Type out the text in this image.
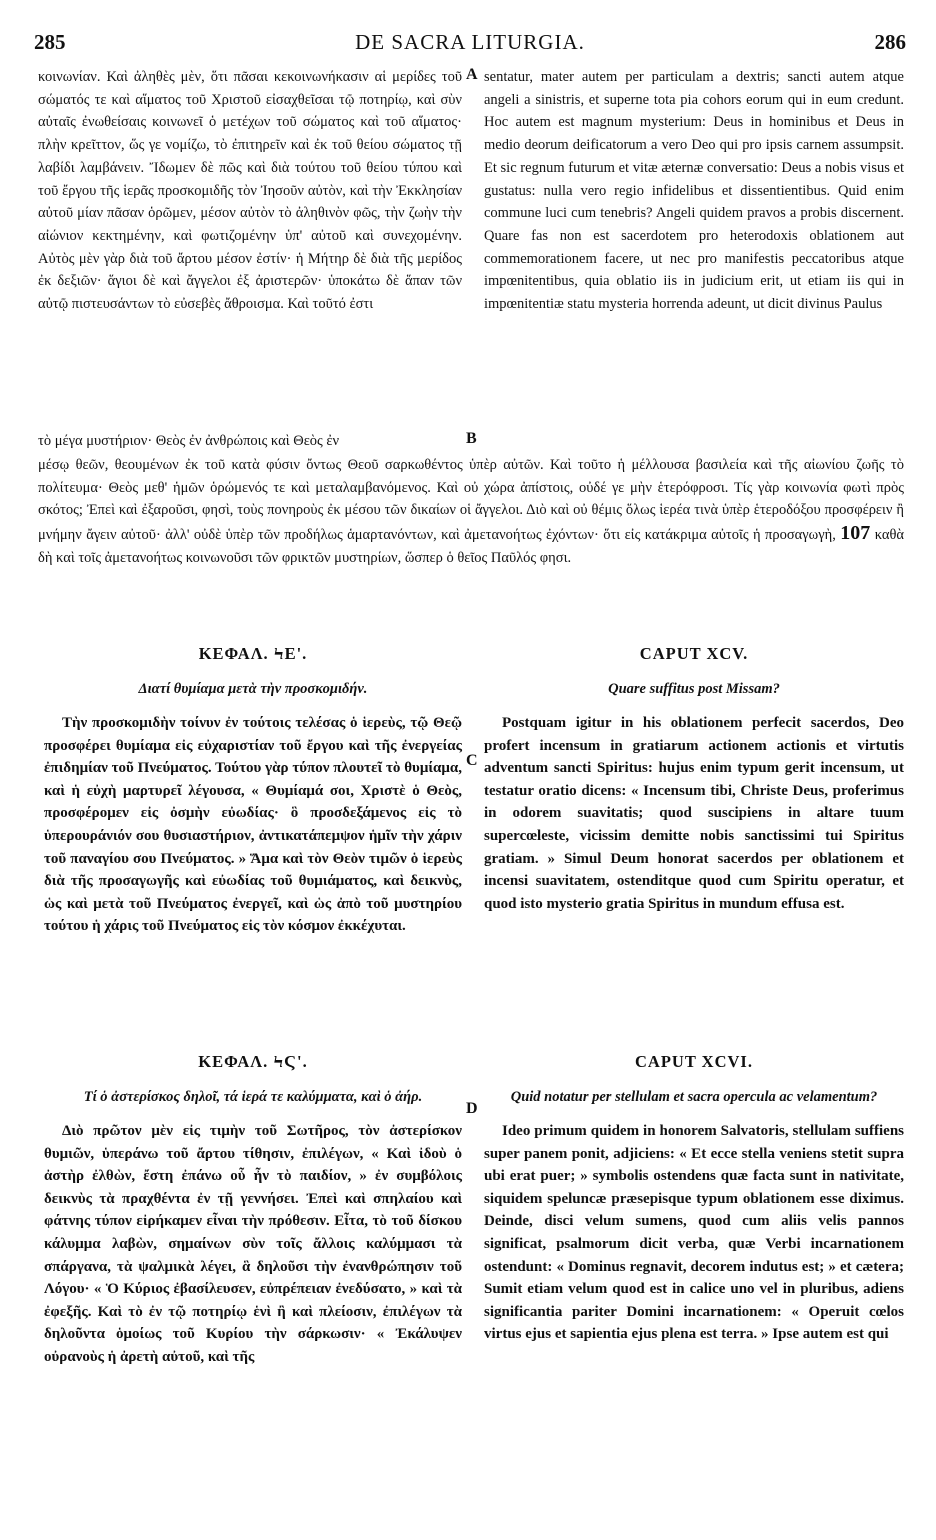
285	DE SACRA LITURGIA.	286

κοινωνίαν. Καὶ ἀληθὲς μὲν, ὅτι πᾶσαι κεκοινωνήκασιν αἱ μερίδες τοῦ σώματός τε καὶ αἵματος τοῦ Χριστοῦ εἰσαχθεῖσαι τῷ ποτηρίῳ, καὶ σὺν αὐταῖς ἐνωθείσαις κοινωνεῖ ὁ μετέχων τοῦ σώματος καὶ τοῦ αἵματος· πλὴν κρεῖττον, ὥς γε νομίζω, τὸ ἐπιτηρεῖν καὶ ἐκ τοῦ θείου σώματος τῇ λαβίδι λαμβάνειν. Ἴδωμεν δὲ πῶς καὶ διὰ τούτου τοῦ θείου τύπου καὶ τοῦ ἔργου τῆς ἱερᾶς προσκομιδῆς τὸν Ἰησοῦν αὐτὸν, καὶ τὴν Ἐκκλησίαν αὐτοῦ μίαν πᾶσαν ὁρῶμεν, μέσον αὐτὸν τὸ ἀληθινὸν φῶς, τὴν ζωὴν τὴν αἰώνιον κεκτημένην, καὶ φωτιζομένην ὑπ' αὐτοῦ καὶ συνεχομένην. Αὐτὸς μὲν γὰρ διὰ τοῦ ἄρτου μέσον ἐστίν· ἡ Μήτηρ δὲ διὰ τῆς μερίδος ἐκ δεξιῶν· ἅγιοι δὲ καὶ ἄγγελοι ἐξ ἀριστερῶν· ὑποκάτω δὲ ἅπαν τῶν αὐτῷ πιστευσάντων τὸ εὐσεβὲς ἄθροισμα. Καὶ τοῦτό ἐστι

A sentatur, mater autem per particulam a dextris; sancti autem atque angeli a sinistris, et superne tota pia cohors eorum qui in eum credunt. Hoc autem est magnum mysterium: Deus in hominibus et Deus in medio deorum deificatorum a vero Deo qui pro ipsis carnem assumpsit. Et sic regnum futurum et vitæ æternæ conversatio: Deus a nobis visus et gustatus: nulla vero regio infidelibus et dissentientibus. Quid enim commune luci cum tenebris? Angeli quidem pravos a probis discernent. Quare fas non est sacerdotem pro heterodoxis oblationem aut commemorationem facere, ut nec pro manifestis peccatoribus atque impœnitentibus, quia oblatio iis in judicium erit, ut etiam iis qui in impœnitentiæ statu mysteria horrenda adeunt, ut dicit divinus Paulus

B
τὸ μέγα μυστήριον· Θεὸς ἐν ἀνθρώποις καὶ Θεὸς ἐν

μέσῳ θεῶν, θεουμένων ἐκ τοῦ κατὰ φύσιν ὄντως Θεοῦ σαρκωθέντος ὑπὲρ αὐτῶν. Καὶ τοῦτο ἡ μέλλουσα βασιλεία καὶ τῆς αἰωνίου ζωῆς τὸ πολίτευμα· Θεὸς μεθ' ἡμῶν ὁρώμενός τε καὶ μεταλαμβανόμενος. Καὶ οὐ χώρα ἀπίστοις, οὐδέ γε μὴν ἑτερόφροσι. Τίς γὰρ κοινωνία φωτὶ πρὸς σκότος; Ἐπεὶ καὶ ἐξαροῦσι, φησὶ, τοὺς πονηροὺς ἐκ μέσου τῶν δικαίων οἱ ἄγγελοι. Διὸ καὶ οὐ θέμις ὅλως ἱερέα τινὰ ὑπὲρ ἑτεροδόξου προσφέρειν ἢ μνήμην ἄγειν αὐτοῦ· ἀλλ' οὐδὲ ὑπὲρ τῶν προδήλως ἁμαρτανόντων, καὶ ἀμετανοήτως ἐχόντων· ὅτι εἰς κατάκριμα αὐτοῖς ἡ προσαγωγὴ, 107 καθὰ δὴ καὶ τοῖς ἀμετανοήτως κοινωνοῦσι τῶν φρικτῶν μυστηρίων, ὥσπερ ὁ θεῖος Παῦλός φησι.

ΚΕΦΑΛ. ϞΕ'.
Διατί θυμίαμα μετὰ τὴν προσκομιδήν.

Τὴν προσκομιδὴν τοίνυν ἐν τούτοις τελέσας ὁ ἱερεὺς, τῷ Θεῷ προσφέρει θυμίαμα εἰς εὐχαριστίαν τοῦ ἔργου καὶ τῆς ἐνεργείας ἐπιδημίαν τοῦ Πνεύματος. Τούτου γὰρ τύπον πλουτεῖ τὸ θυμίαμα, καὶ ἡ εὐχὴ μαρτυρεῖ λέγουσα, « Θυμίαμά σοι, Χριστὲ ὁ Θεὸς, προσφέρομεν εἰς ὀσμὴν εὐωδίας· ὃ προσδεξάμενος εἰς τὸ ὑπερουράνιόν σου θυσιαστήριον, ἀντικατάπεμψον ἡμῖν τὴν χάριν τοῦ παναγίου σου Πνεύματος. » Ἅμα καὶ τὸν Θεὸν τιμῶν ὁ ἱερεὺς διὰ τῆς προσαγωγῆς καὶ εὐωδίας τοῦ θυμιάματος, καὶ δεικνὺς, ὡς καὶ μετὰ τοῦ Πνεύματος ἐνεργεῖ, καὶ ὡς ἀπὸ τοῦ μυστηρίου τούτου ἡ χάρις τοῦ Πνεύματος εἰς τὸν κόσμον ἐκκέχυται.

C
CAPUT XCV.
Quare suffitus post Missam?

Postquam igitur in his oblationem perfecit sacerdos, Deo profert incensum in gratiarum actionem actionis et virtutis adventum sancti Spiritus: hujus enim typum gerit incensum, ut testatur oratio dicens: « Incensum tibi, Christe Deus, proferimus in odorem suavitatis; quod suscipiens in altare tuum supercœleste, vicissim demitte nobis sanctissimi tui Spiritus gratiam. » Simul Deum honorat sacerdos per oblationem et incensi suavitatem, ostenditque quod cum Spiritu operatur, et quod isto mysterio gratia Spiritus in mundum effusa est.

ΚΕΦΑΛ. ϞϚ'.
Τί ὁ ἀστερίσκος δηλοῖ, τά ἱερά τε καλύμματα, καὶ ὁ ἀήρ.

Διὸ πρῶτον μὲν εἰς τιμὴν τοῦ Σωτῆρος, τὸν ἀστερίσκον θυμιῶν, ὑπεράνω τοῦ ἄρτου τίθησιν, ἐπιλέγων, « Καὶ ἰδοὺ ὁ ἀστὴρ ἐλθὼν, ἔστη ἐπάνω οὗ ἦν τὸ παιδίον, » ἐν συμβόλοις δεικνὺς τὰ πραχθέντα ἐν τῇ γεννήσει. Ἐπεὶ καὶ σπηλαίου καὶ φάτνης τύπον εἰρήκαμεν εἶναι τὴν πρόθεσιν. Εἶτα, τὸ τοῦ δίσκου κάλυμμα λαβὼν, σημαίνων σὺν τοῖς ἄλλοις καλύμμασι τὰ σπάργανα, τὰ ψαλμικὰ λέγει, ἃ δηλοῦσι τὴν ἐνανθρώπησιν τοῦ Λόγου· « Ὁ Κύριος ἐβασίλευσεν, εὐπρέπειαν ἐνεδύσατο, » καὶ τὰ ἐφεξῆς. Καὶ τὸ ἐν τῷ ποτηρίῳ ἑνὶ ἢ καὶ πλείοσιν, ἐπιλέγων τὰ δηλοῦντα ὁμοίως τοῦ Κυρίου τὴν σάρκωσιν· « Ἐκάλυψεν οὐρανοὺς ἡ ἀρετὴ αὐτοῦ, καὶ τῆς

D
CAPUT XCVI.
Quid notatur per stellulam et sacra opercula ac velamentum?

Ideo primum quidem in honorem Salvatoris, stellulam suffiens super panem ponit, adjiciens: « Et ecce stella veniens stetit supra ubi erat puer; » symbolis ostendens quæ facta sunt in nativitate, siquidem speluncæ præsepisque typum oblationem esse diximus. Deinde, disci velum sumens, quod cum aliis velis pannos significat, psalmorum dicit verba, quæ Verbi incarnationem ostendunt: « Dominus regnavit, decorem indutus est; » et cætera; Sumit etiam velum quod est in calice uno vel in pluribus, adiens significantia pariter Domini incarnationem: « Operuit cœlos virtus ejus et sapientia ejus plena est terra. » Ipse autem est qui
